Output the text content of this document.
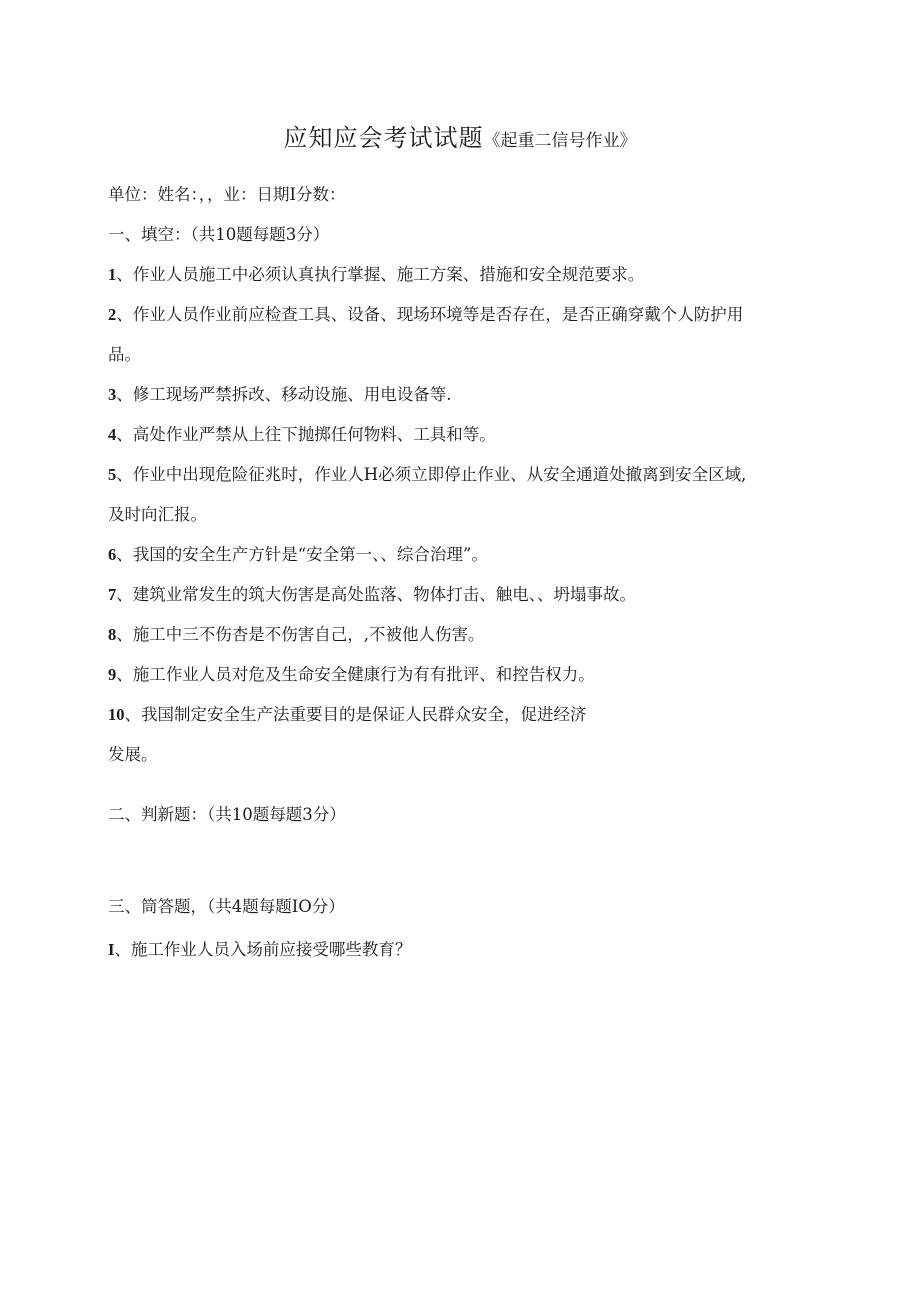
应知应会考试试题《起重二信号作业》
单位：姓名：，，业：日期I分数：
一、填空：（共10题每题3分）
1、作业人员施工中必须认真执行掌握、施工方案、措施和安全规范要求。
2、作业人员作业前应检查工具、设备、现场环境等是否存在，是否正确穿戴个人防护用
品。
3、修工现场严禁拆改、移动设施、用电设备等.
4、高处作业严禁从上往下抛掷任何物料、工具和等。
5、作业中出现危险征兆时，作业人H必须立即停止作业、从安全通道处撤离到安全区域,
及时向汇报。
6、我国的安全生产方针是“安全第一、、综合治理”。
7、建筑业常发生的筑大伤害是高处监落、物体打击、触电、、坍塌事故。
8、施工中三不伤杏是不伤害自己，,不被他人伤害。
9、施工作业人员对危及生命安全健康行为有有批评、和控告权力。
10、我国制定安全生产法重要目的是保证人民群众安全，促进经济
发展。
二、判新题：（共10题每题3分）
三、筒答题，（共4题每题IO分）
I、施工作业人员入场前应接受哪些教育？
